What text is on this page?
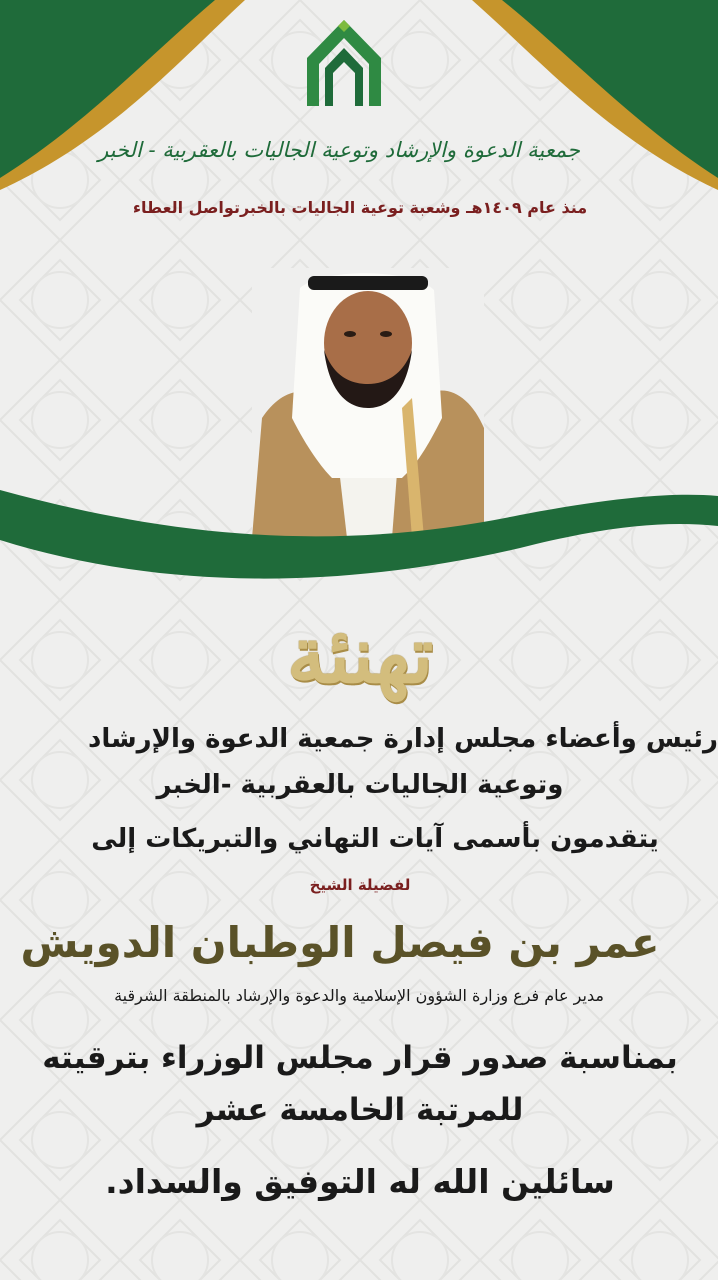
جمعية الدعوة والإرشاد وتوعية الجاليات بالعقربية - الخبر
منذ عام ١٤٠٩هـ وشعبة توعية الجاليات بالخبرتواصل العطاء
تهنئة
رئيس وأعضاء مجلس إدارة جمعية الدعوة والإرشاد
وتوعية الجاليات بالعقربية -الخبر
يتقدمون بأسمى آيات التهاني والتبريكات إلى
لفضيلة الشيخ
عمر بن فيصل الوطبان الدويش
مدير عام فرع وزارة الشؤون الإسلامية والدعوة والإرشاد بالمنطقة الشرقية
بمناسبة صدور قرار مجلس الوزراء بترقيته
للمرتبة الخامسة عشر
سائلين الله له التوفيق والسداد.
